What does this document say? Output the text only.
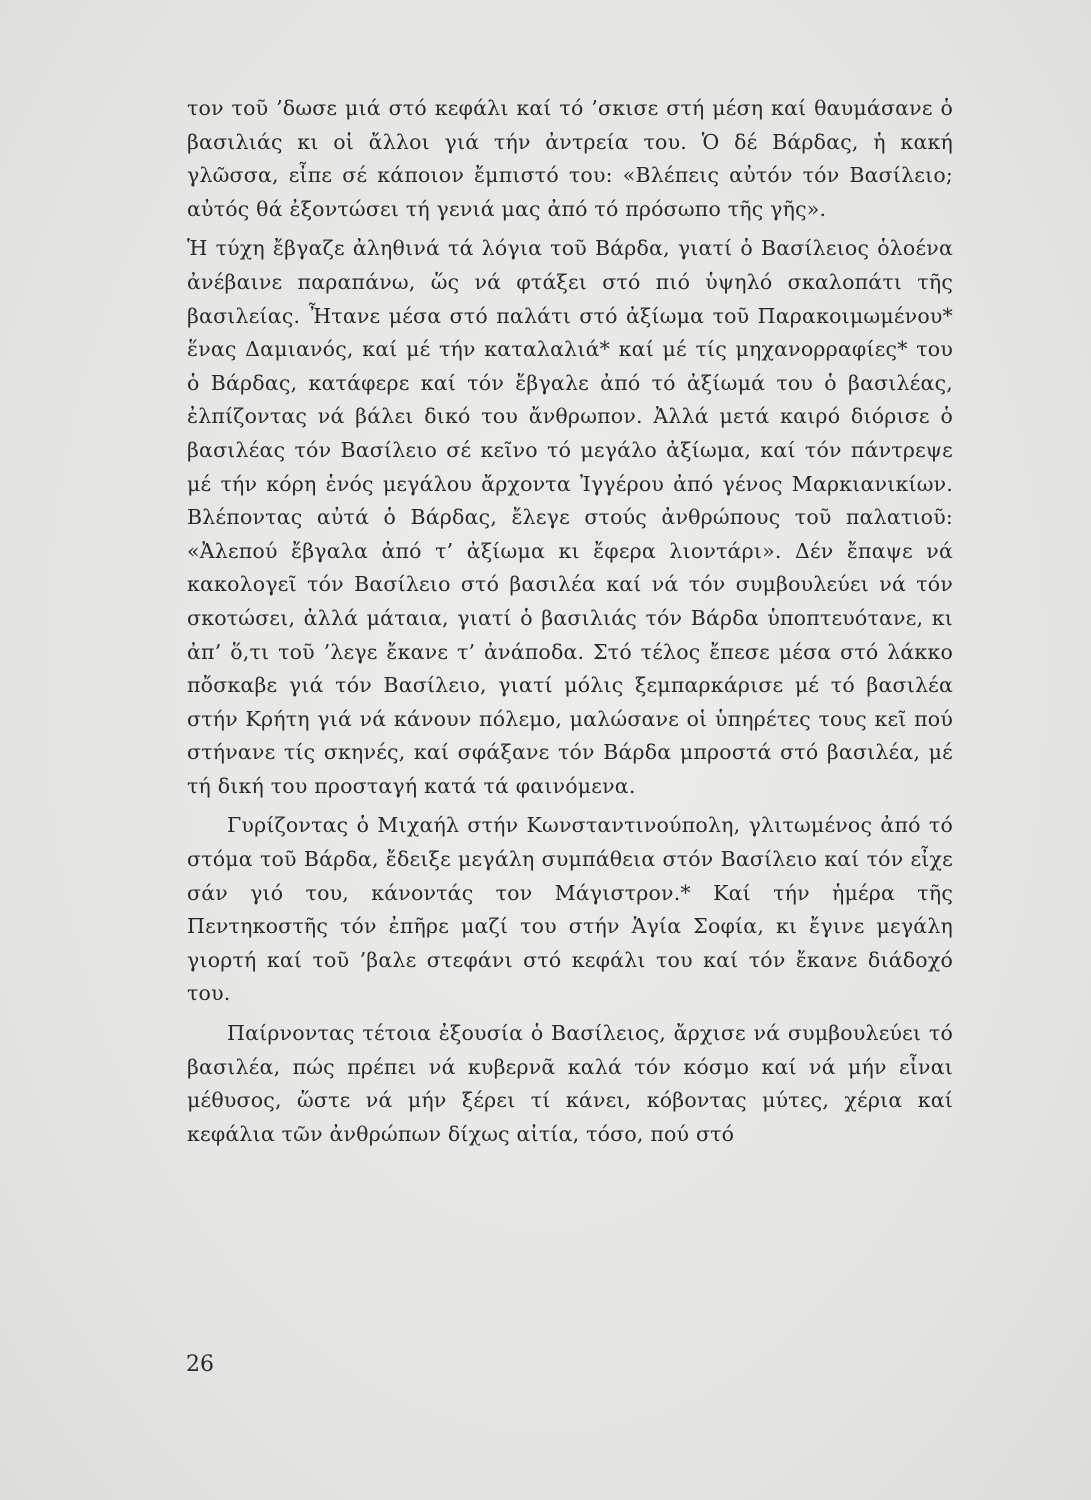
τον τοῦ ’δωσε μιά στό κεφάλι καί τό ’σκισε στή μέση καί θαυμάσανε ὁ βασιλιάς κι οἱ ἄλλοι γιά τήν ἀντρεία του. Ὁ δέ Βάρδας, ἡ κακή γλῶσσα, εἶπε σέ κάποιον ἔμπιστό του: «Βλέπεις αὐτόν τόν Βασίλειο; αὐτός θά ἐξοντώσει τή γενιά μας ἀπό τό πρόσωπο τῆς γῆς».

Ἡ τύχη ἔβγαζε ἀληθινά τά λόγια τοῦ Βάρδα, γιατί ὁ Βασίλειος ὁλοένα ἀνέβαινε παραπάνω, ὥς νά φτάξει στό πιό ὑψηλό σκαλοπάτι τῆς βασιλείας. Ἦτανε μέσα στό παλάτι στό ἀξίωμα τοῦ Παρακοιμωμένου* ἕνας Δαμιανός, καί μέ τήν καταλαλιά* καί μέ τίς μηχανορραφίες* του ὁ Βάρδας, κατάφερε καί τόν ἔβγαλε ἀπό τό ἀξίωμά του ὁ βασιλέας, ἐλπίζοντας νά βάλει δικό του ἄνθρωπον. Ἀλλά μετά καιρό διόρισε ὁ βασιλέας τόν Βασίλειο σέ κεῖνο τό μεγάλο ἀξίωμα, καί τόν πάντρεψε μέ τήν κόρη ἑνός μεγάλου ἄρχοντα Ἰγγέρου ἀπό γένος Μαρκιανικίων. Βλέποντας αὐτά ὁ Βάρδας, ἔλεγε στούς ἀνθρώπους τοῦ παλατιοῦ: «Ἀλεπού ἔβγαλα ἀπό τ’ ἀξίωμα κι ἔφερα λιοντάρι». Δέν ἔπαψε νά κακολογεῖ τόν Βασίλειο στό βασιλέα καί νά τόν συμβουλεύει νά τόν σκοτώσει, ἀλλά μάταια, γιατί ὁ βασιλιάς τόν Βάρδα ὑποπτευότανε, κι ἀπ’ ὅ,τι τοῦ ’λεγε ἔκανε τ’ ἀνάποδα. Στό τέλος ἔπεσε μέσα στό λάκκο πὄσκαβε γιά τόν Βασίλειο, γιατί μόλις ξεμπαρκάρισε μέ τό βασιλέα στήν Κρήτη γιά νά κάνουν πόλεμο, μαλώσανε οἱ ὑπηρέτες τους κεῖ πού στήνανε τίς σκηνές, καί σφάξανε τόν Βάρδα μπροστά στό βασιλέα, μέ τή δική του προσταγή κατά τά φαινόμενα.

Γυρίζοντας ὁ Μιχαήλ στήν Κωνσταντινούπολη, γλιτωμένος ἀπό τό στόμα τοῦ Βάρδα, ἔδειξε μεγάλη συμπάθεια στόν Βασίλειο καί τόν εἶχε σάν γιό του, κάνοντάς τον Μάγιστρον.* Καί τήν ἡμέρα τῆς Πεντηκοστῆς τόν ἐπῆρε μαζί του στήν Ἁγία Σοφία, κι ἔγινε μεγάλη γιορτή καί τοῦ ’βαλε στεφάνι στό κεφάλι του καί τόν ἔκανε διάδοχό του.

Παίρνοντας τέτοια ἐξουσία ὁ Βασίλειος, ἄρχισε νά συμβουλεύει τό βασιλέα, πώς πρέπει νά κυβερνᾶ καλά τόν κόσμο καί νά μήν εἶναι μέθυσος, ὥστε νά μήν ξέρει τί κάνει, κόβοντας μύτες, χέρια καί κεφάλια τῶν ἀνθρώπων δίχως αἰτία, τόσο, πού στό

26
